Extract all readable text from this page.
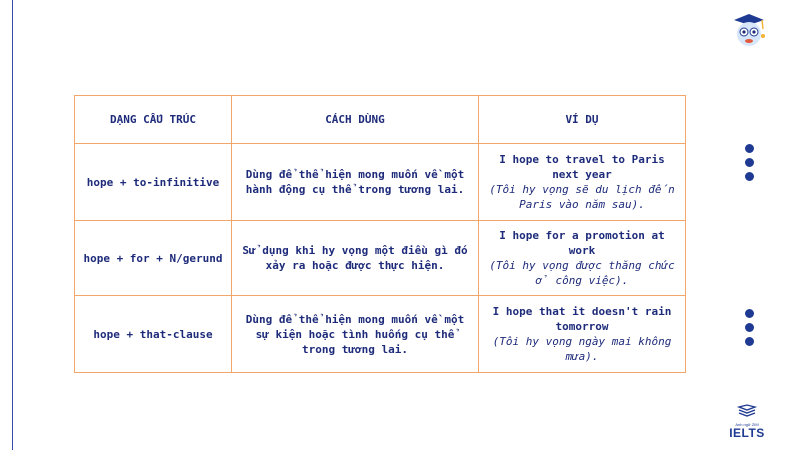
DẠNG CẤU TRÚC	CÁCH DÙNG	VÍ DỤ
hope + to-infinitive	Dùng để thể hiện mong muốn về một hành động cụ thể trong tương lai.	I hope to travel to Paris next year
(Tôi hy vọng sẽ du lịch đến Paris vào năm sau).

hope + for + N/gerund	Sử dụng khi hy vọng một điều gì đó xảy ra hoặc được thực hiện.	I hope for a promotion at work
(Tôi hy vọng được thăng chức ở công việc).

hope + that-clause	Dùng để thể hiện mong muốn về một sự kiện hoặc tình huống cụ thể trong tương lai.	I hope that it doesn't rain tomorrow
(Tôi hy vọng ngày mai không mưa).
Anh ngữ ZIM
IELTS
